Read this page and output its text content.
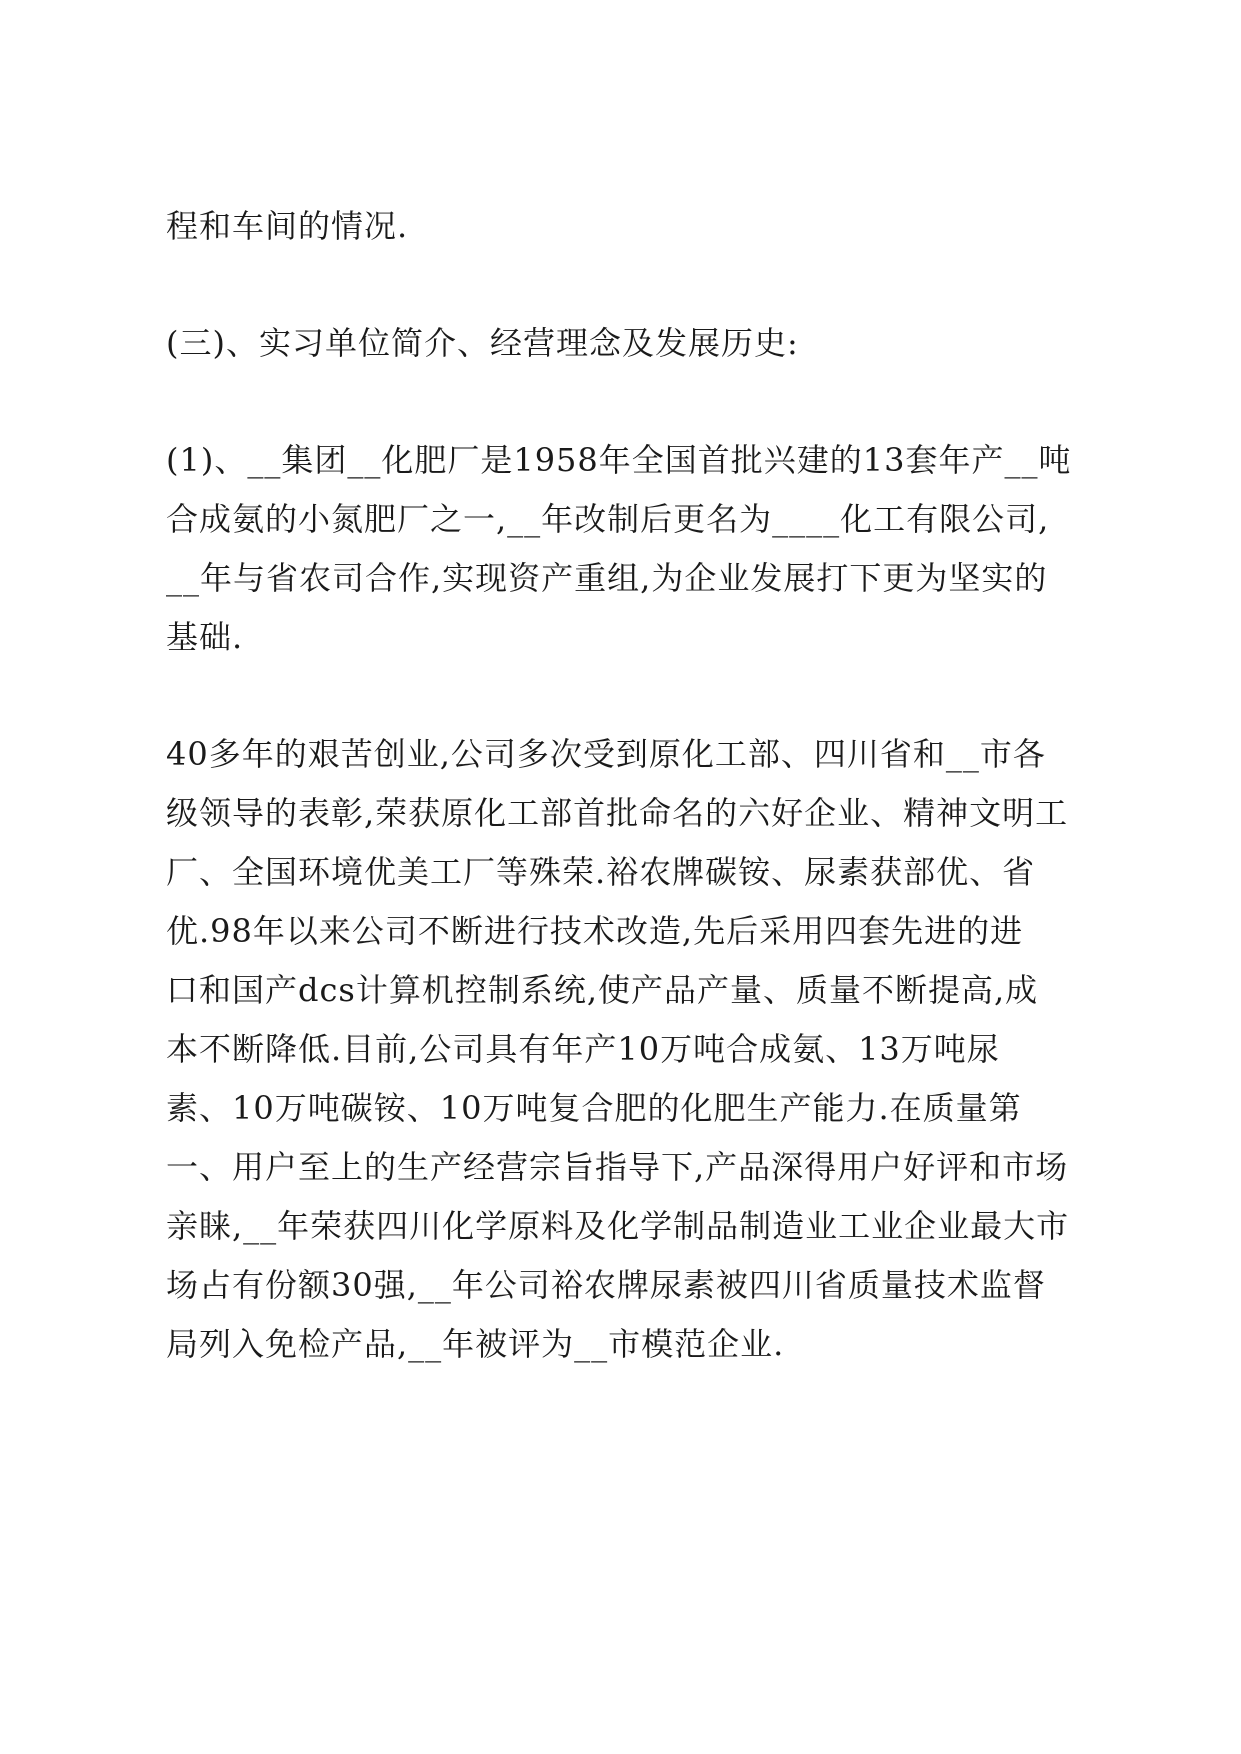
程和车间的情况.

(三)、实习单位简介、经营理念及发展历史:

(1)、__集团__化肥厂是1958年全国首批兴建的13套年产__吨

合成氨的小氮肥厂之一,__年改制后更名为____化工有限公司,

__年与省农司合作,实现资产重组,为企业发展打下更为坚实的

基础.

40多年的艰苦创业,公司多次受到原化工部、四川省和__市各

级领导的表彰,荣获原化工部首批命名的六好企业、精神文明工

厂、全国环境优美工厂等殊荣.裕农牌碳铵、尿素获部优、省

优.98年以来公司不断进行技术改造,先后采用四套先进的进

口和国产dcs计算机控制系统,使产品产量、质量不断提高,成

本不断降低.目前,公司具有年产10万吨合成氨、13万吨尿

素、10万吨碳铵、10万吨复合肥的化肥生产能力.在质量第

一、用户至上的生产经营宗旨指导下,产品深得用户好评和市场

亲睐,__年荣获四川化学原料及化学制品制造业工业企业最大市

场占有份额30强,__年公司裕农牌尿素被四川省质量技术监督

局列入免检产品,__年被评为__市模范企业.
